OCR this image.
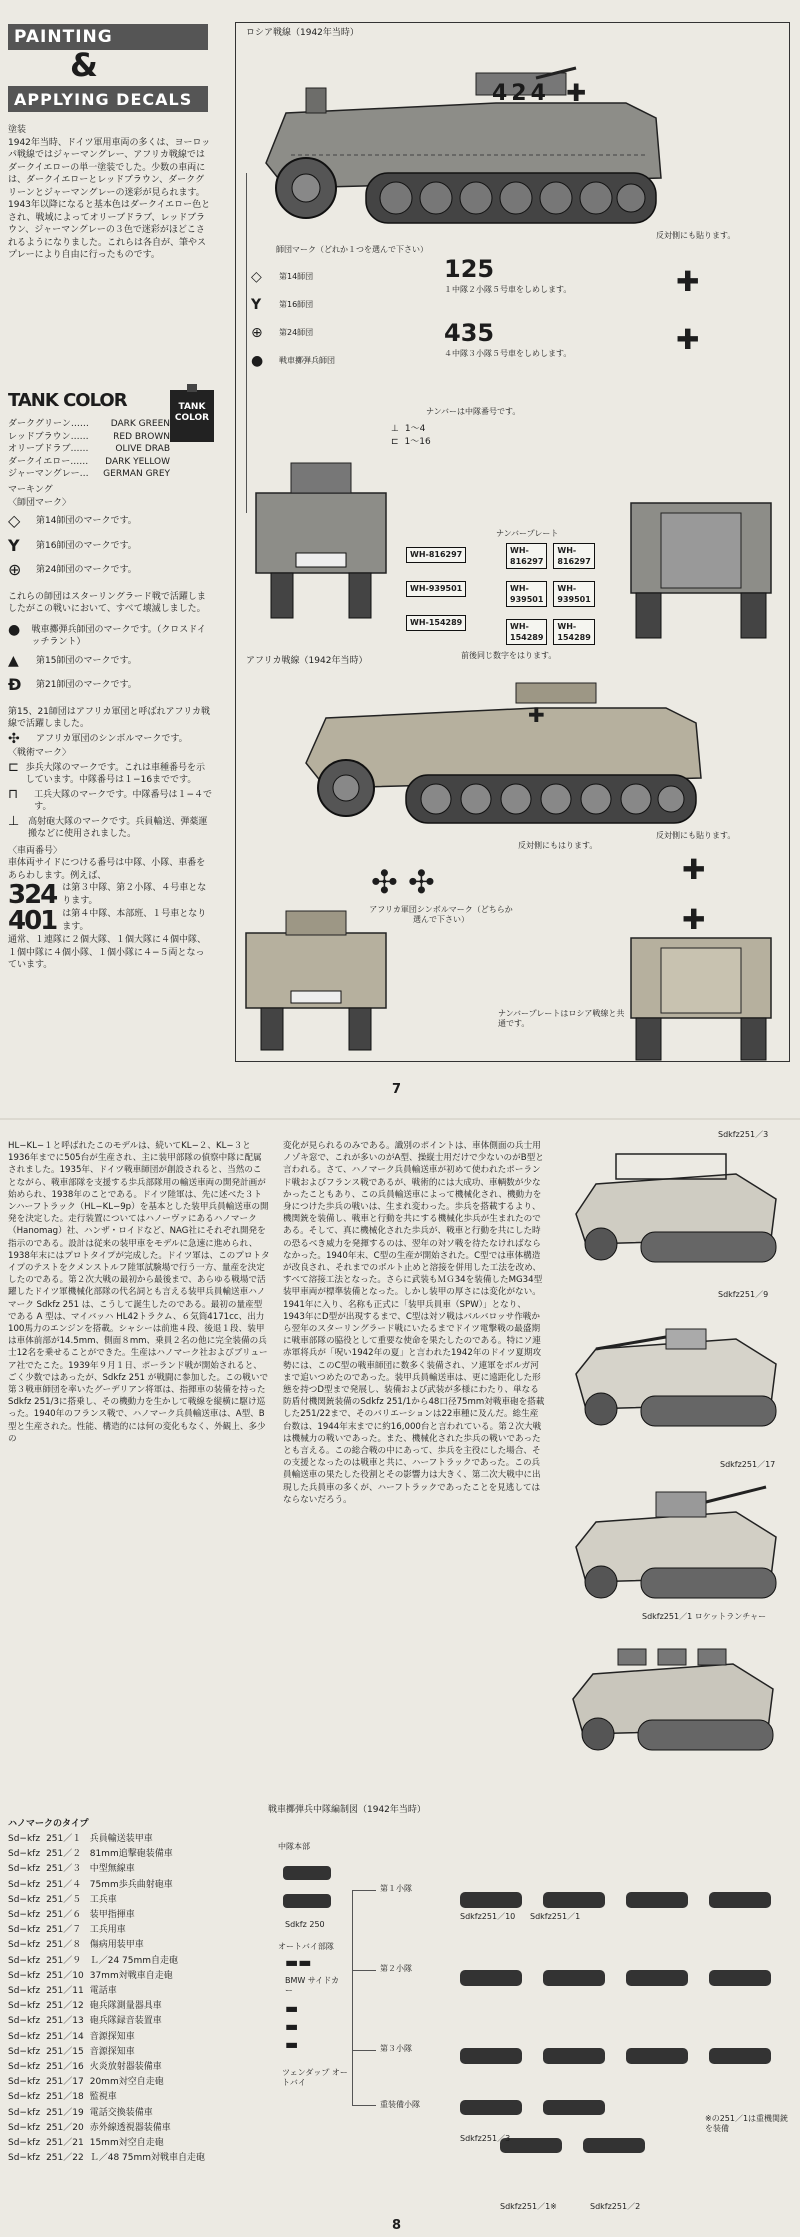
PAINTING
&
APPLYING DECALS
塗装
1942年当時、ドイツ軍用車両の多くは、ヨーロッパ戦線ではジャーマングレー、アフリカ戦線ではダークイエローの単一塗装でした。少数の車両には、ダークイエローとレッドブラウン、ダークグリーンとジャーマングレーの迷彩が見られます。1943年以降になると基本色はダークイエロー色とされ、戦域によってオリーブドラブ、レッドブラウン、ジャーマングレーの３色で迷彩がほどこされるようになりました。これらは各自が、筆やスプレーにより自由に行ったものです。
TANK COLOR	TANK COLOR
ダークグリーン…… DARK GREEN
レッドブラウン……	RED BROWN
オリーブドラブ……	OLIVE DRAB
ダークイエロー…… DARK YELLOW
ジャーマングレー… GERMAN GREY
マーキング
〈師団マーク〉
◇	第14師団のマークです。
Y	第16師団のマークです。
⊕	第24師団のマークです。
これらの師団はスターリングラード戦で活躍しましたがこの戦いにおいて、すべて壊滅しました。
●	戦車擲弾兵師団のマークです。（クロスドイッチラント）
▲	第15師団のマークです。
Ð	第21師団のマークです。
第15、21師団はアフリカ軍団と呼ばれアフリカ戦線で活躍しました。
✣	アフリカ軍団のシンボルマークです。
〈戦術マーク〉
⊏ 歩兵大隊のマークです。これは車種番号を示しています。中隊番号は１−16までです。
⊓	工兵大隊のマークです。中隊番号は１−４です。
⊥ 高射砲大隊のマークです。兵員輸送、弾薬運搬などに使用されました。
〈車両番号〉
車体両サイドにつける番号は中隊、小隊、車番をあらわします。例えば、
324 は第３中隊、第２小隊、４号車となります。
401 は第４中隊、本部班、１号車となります。
通常、１連隊に２個大隊、１個大隊に４個中隊、１個中隊に４個小隊、１個小隊に４−５両となっています。
ロシア戦線（1942年当時）
424 ✚
反対側にも貼ります。
師団マーク（どれか１つを選んで下さい）
◇	第14師団
Y	第16師団
⊕	第24師団
●	戦車擲弾兵師団
125
１中隊２小隊５号車をしめします。
435
４中隊３小隊５号車をしめします。
✚
✚
ナンバーは中隊番号です。
⊥ 1〜4
⊏ 1〜16
ナンバープレート
WH-816297
WH-939501
WH-154289
WH-
816297
WH-
816297
WH-
939501
WH-
939501
WH-
154289
WH-
154289
前後同じ数字をはります。
アフリカ戦線（1942年当時）
✚
反対側にも貼ります。
反対側にもはります。
✚
✚
✣ ✣
アフリカ軍団シンボルマーク（どちらか選んで下さい）
ナンバープレートはロシア戦線と共通です。
7
HL−KL−１と呼ばれたこのモデルは、続いてKL−２、KL−３と1936年までに505台が生産され、主に装甲部隊の偵察中隊に配属されました。1935年、ドイツ戦車師団が創設されると、当然のことながら、戦車部隊を支援する歩兵部隊用の輸送車両の開発計画が始められ、1938年のことである。ドイツ陸軍は、先に述べた３トンハーフトラック（HL−KL−9p）を基本とした装甲兵員輸送車の開発を決定した。走行装置についてはハノーヴァにあるハノマーク（Hanomag）社、ハンザ・ロイドなど、NAG社にそれぞれ開発を指示のである。設計は従来の装甲車をモデルに急速に進められ、1938年末にはプロトタイプが完成した。ドイツ軍は、このプロトタイプのテストをクメンストルフ陸軍試験場で行う一方、量産を決定したのである。第２次大戦の最初から最後まで、あらゆる戦場で活躍したドイツ軍機械化部隊の代名詞とも言える装甲兵員輸送車ハノマーク Sdkfz 251 は、こうして誕生したのである。最初の量産型である A 型は、マイバッハ HL42トラクム、６気筒4171cc、出力100馬力のエンジンを搭載。シャシーは前進４段、後退１段、装甲は車体前部が14.5mm、側面８mm、乗員２名の他に完全装備の兵士12名を乗せることができた。生産はハノマーク社およびブリューア社でたこた。1939年９月１日、ポーランド戦が開始されると、ごく少数ではあったが、Sdkfz 251 が戦闘に参加した。この戦いで第３戦車師団を率いたグーデリアン将軍は、指揮車の装備を持ったSdkfz 251/3に搭乗し、その機動力を生かして戦線を縦横に駆け巡った。1940年のフランス戦で、ハノマーク兵員輸送車は、A型、B型と生産された。性能、構造的には何の変化もなく、外観上、多少の
変化が見られるのみである。識別のポイントは、車体側面の兵士用ノゾキ窓で、これが多いのがA型、操縦士用だけで少ないのがB型と言われる。さて、ハノマーク兵員輸送車が初めて使われたポーランド戦およびフランス戦であるが、戦術的には大成功、車輌数が少なかったこともあり、この兵員輸送車によって機械化され、機動力を身につけた歩兵の戦いは、生まれ変わった。歩兵を搭載するより、機関銃を装備し、戦車と行動を共にする機械化歩兵が生まれたのである。そして、真に機械化された歩兵が、戦車と行動を共にした時の恐るべき威力を発揮するのは、翌年の対ソ戦を待たなければならなかった。1940年末、C型の生産が開始された。C型では車体構造が改良され、それまでのボルト止めと溶接を併用した工法を改め、すべて溶接工法となった。さらに武装もＭＧ34を装備したMG34型装甲車両が標準装備となった。しかし装甲の厚さには変化がない。1941年に入り、名称も正式に「装甲兵員車（SPW）」となり、1943年にD型が出現するまで、C型は対ソ戦はバルバロッサ作戦から翌年のスターリングラード戦にいたるまでドイツ電撃戦の最盛期に戦車部隊の脇役として重要な使命を果たしたのである。特にソ連赤軍将兵が「呪い1942年の夏」と言われた1942年のドイツ夏期攻勢には、このC型の戦車師団に数多く装備され、ソ連軍をボルガ河まで追いつめたのであった。装甲兵員輸送車は、更に遠距化した形態を持つD型まで発展し、装備および武装が多様にわたり、単なる防盾付機関銃装備のSdkfz 251/1から48口径75mm対戦車砲を搭載した251/22まで、そのバリエーションは22車種に及んだ。総生産台数は、1944年末までに約16,000台と言われている。第２次大戦は機械力の戦いであった。また、機械化された歩兵の戦いであったとも言える。この総合戦の中にあって、歩兵を主役にした場合、その支援となったのは戦車と共に、ハーフトラックであった。この兵員輸送車の果たした役割とその影響力は大きく、第二次大戦中に出現した兵員車の多くが、ハーフトラックであったことを見逃してはならないだろう。
Sdkfz251／3
Sdkfz251／9
Sdkfz251／17
Sdkfz251／1 ロケットランチャー
ハノマークのタイプ
Sd−kfz	251／１	兵員輸送装甲車
Sd−kfz	251／２	81mm追撃砲装備車
Sd−kfz	251／３	中型無線車
Sd−kfz	251／４	75mm歩兵曲射砲車
Sd−kfz	251／５	工兵車
Sd−kfz	251／６	装甲指揮車
Sd−kfz	251／７	工兵用車
Sd−kfz	251／８	傷病用装甲車
Sd−kfz	251／９	Ｌ／24 75mm自走砲
Sd−kfz	251／10	37mm対戦車自走砲
Sd−kfz	251／11	電話車
Sd−kfz	251／12	砲兵隊測量器具車
Sd−kfz	251／13	砲兵隊録音装置車
Sd−kfz	251／14	音源探知車
Sd−kfz	251／15	音源探知車
Sd−kfz	251／16	火炎放射器装備車
Sd−kfz	251／17	20mm対空自走砲
Sd−kfz	251／18	監視車
Sd−kfz	251／19	電話交換装備車
Sd−kfz	251／20	赤外線透視器装備車
Sd−kfz	251／21	15mm対空自走砲
Sd−kfz	251／22	Ｌ／48 75mm対戦車自走砲
戦車擲弾兵中隊編制図（1942年当時）
中隊本部
Sdkfz 250
オートバイ部隊
▬▬
BMW サイドカー
▬
▬
▬
ツェンダップ オートバイ
第１小隊
第２小隊
第３小隊
重装備小隊
Sdkfz251／10 Sdkfz251／1
Sdkfz251／3
Sdkfz251／1※	Sdkfz251／2
※の251／1は重機関銃を装備
8
